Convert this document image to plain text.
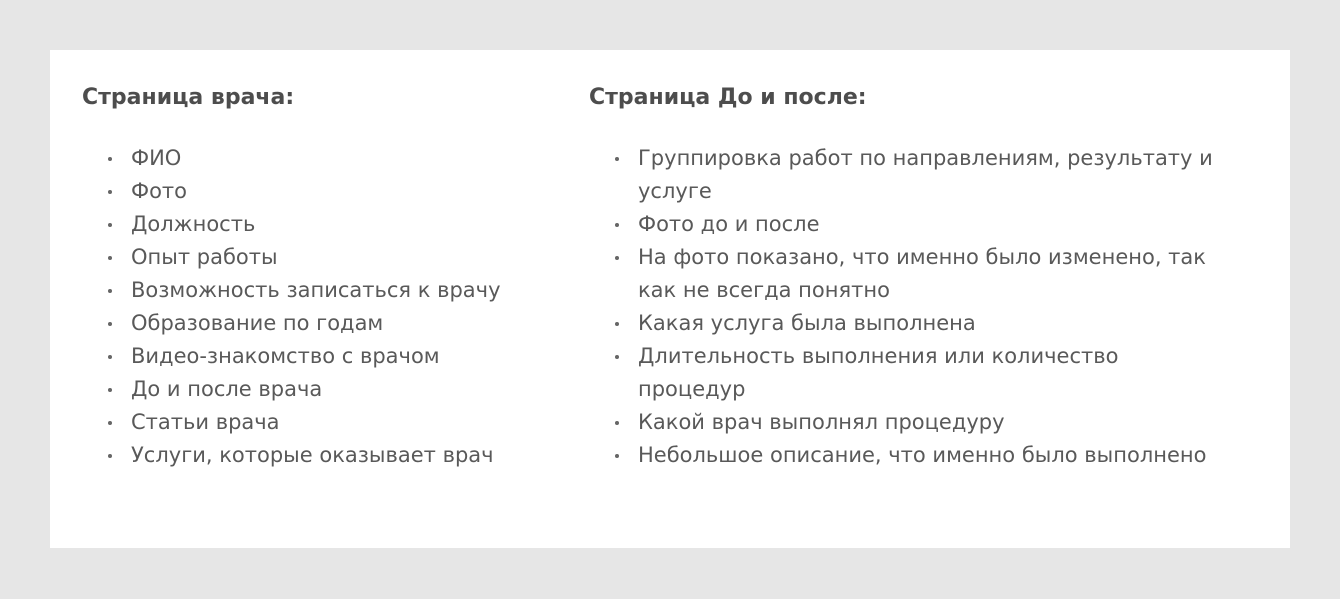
Страница врача:
ФИО
Фото
Должность
Опыт работы
Возможность записаться к врачу
Образование по годам
Видео-знакомство с врачом
До и после врача
Статьи врача
Услуги, которые оказывает врач
Страница До и после:
Группировка работ по направлениям, результату и услуге
Фото до и после
На фото показано, что именно было изменено, так как не всегда понятно
Какая услуга была выполнена
Длительность выполнения или количество процедур
Какой врач выполнял процедуру
Небольшое описание, что именно было выполнено
